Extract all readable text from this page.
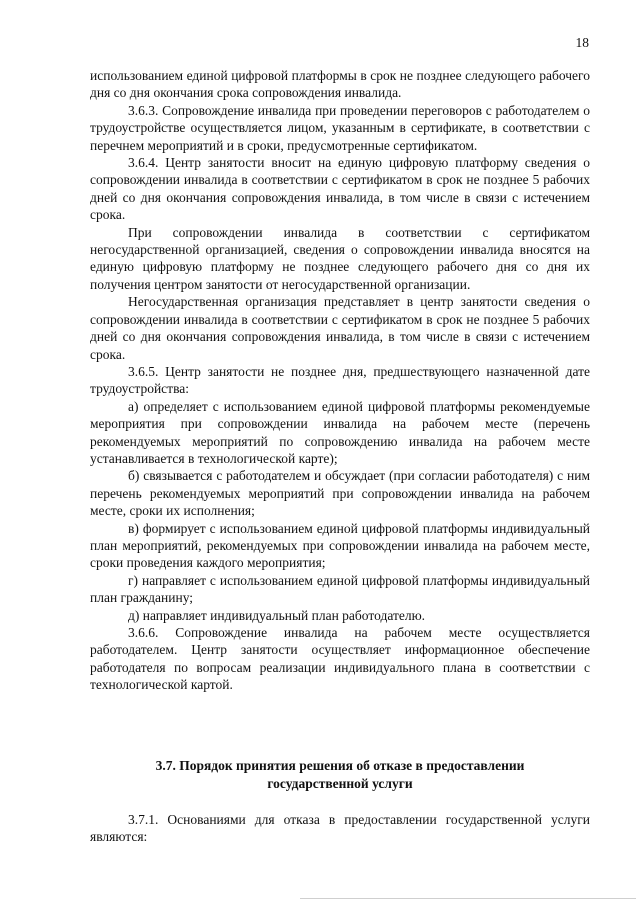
18

использованием единой цифровой платформы в срок не позднее следующего рабочего дня со дня окончания срока сопровождения инвалида.

3.6.3. Сопровождение инвалида при проведении переговоров с работодателем о трудоустройстве осуществляется лицом, указанным в сертификате, в соответствии с перечнем мероприятий и в сроки, предусмотренные сертификатом.

3.6.4. Центр занятости вносит на единую цифровую платформу сведения о сопровождении инвалида в соответствии с сертификатом в срок не позднее 5 рабочих дней со дня окончания сопровождения инвалида, в том числе в связи с истечением срока.

При сопровождении инвалида в соответствии с сертификатом негосударственной организацией, сведения о сопровождении инвалида вносятся на единую цифровую платформу не позднее следующего рабочего дня со дня их получения центром занятости от негосударственной организации.

Негосударственная организация представляет в центр занятости сведения о сопровождении инвалида в соответствии с сертификатом в срок не позднее 5 рабочих дней со дня окончания сопровождения инвалида, в том числе в связи с истечением срока.

3.6.5. Центр занятости не позднее дня, предшествующего назначенной дате трудоустройства:

а) определяет с использованием единой цифровой платформы рекомендуемые мероприятия при сопровождении инвалида на рабочем месте (перечень рекомендуемых мероприятий по сопровождению инвалида на рабочем месте устанавливается в технологической карте);

б) связывается с работодателем и обсуждает (при согласии работодателя) с ним перечень рекомендуемых мероприятий при сопровождении инвалида на рабочем месте, сроки их исполнения;

в) формирует с использованием единой цифровой платформы индивидуальный план мероприятий, рекомендуемых при сопровождении инвалида на рабочем месте, сроки проведения каждого мероприятия;

г) направляет с использованием единой цифровой платформы индивидуальный план гражданину;

д) направляет индивидуальный план работодателю.

3.6.6. Сопровождение инвалида на рабочем месте осуществляется работодателем. Центр занятости осуществляет информационное обеспечение работодателя по вопросам реализации индивидуального плана в соответствии с технологической картой.

3.7. Порядок принятия решения об отказе в предоставлении
государственной услуги

3.7.1. Основаниями для отказа в предоставлении государственной услуги являются:
